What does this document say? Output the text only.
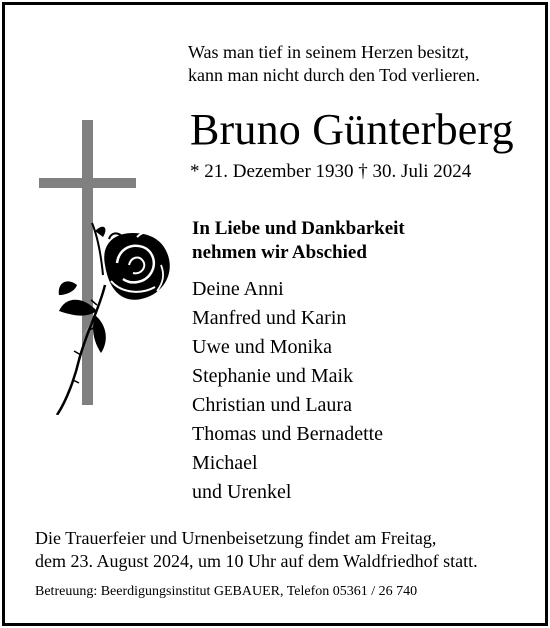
Was man tief in seinem Herzen besitzt,
kann man nicht durch den Tod verlieren.
Bruno Günterberg
* 21. Dezember 1930 † 30. Juli 2024
In Liebe und Dankbarkeit
nehmen wir Abschied
Deine Anni
Manfred und Karin
Uwe und Monika
Stephanie und Maik
Christian und Laura
Thomas und Bernadette
Michael
und Urenkel
Die Trauerfeier und Urnenbeisetzung findet am Freitag,
dem 23. August 2024, um 10 Uhr auf dem Waldfriedhof statt.
Betreuung: Beerdigungsinstitut GEBAUER, Telefon 05361 / 26 740
